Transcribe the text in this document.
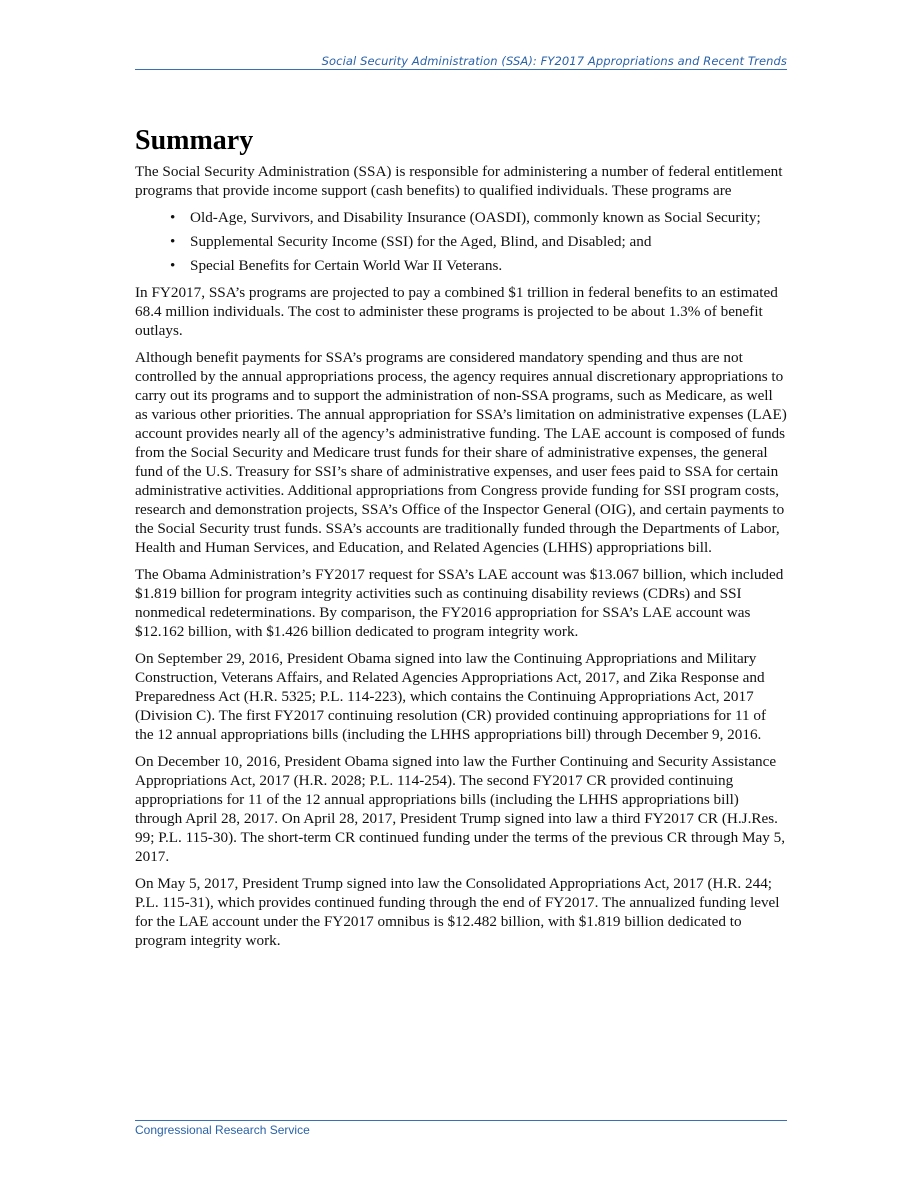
Social Security Administration (SSA): FY2017 Appropriations and Recent Trends
Summary

The Social Security Administration (SSA) is responsible for administering a number of federal entitlement programs that provide income support (cash benefits) to qualified individuals. These programs are

• Old-Age, Survivors, and Disability Insurance (OASDI), commonly known as Social Security;
• Supplemental Security Income (SSI) for the Aged, Blind, and Disabled; and
• Special Benefits for Certain World War II Veterans.

In FY2017, SSA’s programs are projected to pay a combined $1 trillion in federal benefits to an estimated 68.4 million individuals. The cost to administer these programs is projected to be about 1.3% of benefit outlays.

Although benefit payments for SSA’s programs are considered mandatory spending and thus are not controlled by the annual appropriations process, the agency requires annual discretionary appropriations to carry out its programs and to support the administration of non-SSA programs, such as Medicare, as well as various other priorities. The annual appropriation for SSA’s limitation on administrative expenses (LAE) account provides nearly all of the agency’s administrative funding. The LAE account is composed of funds from the Social Security and Medicare trust funds for their share of administrative expenses, the general fund of the U.S. Treasury for SSI’s share of administrative expenses, and user fees paid to SSA for certain administrative activities. Additional appropriations from Congress provide funding for SSI program costs, research and demonstration projects, SSA’s Office of the Inspector General (OIG), and certain payments to the Social Security trust funds. SSA’s accounts are traditionally funded through the Departments of Labor, Health and Human Services, and Education, and Related Agencies (LHHS) appropriations bill.

The Obama Administration’s FY2017 request for SSA’s LAE account was $13.067 billion, which included $1.819 billion for program integrity activities such as continuing disability reviews (CDRs) and SSI nonmedical redeterminations. By comparison, the FY2016 appropriation for SSA’s LAE account was $12.162 billion, with $1.426 billion dedicated to program integrity work.

On September 29, 2016, President Obama signed into law the Continuing Appropriations and Military Construction, Veterans Affairs, and Related Agencies Appropriations Act, 2017, and Zika Response and Preparedness Act (H.R. 5325; P.L. 114-223), which contains the Continuing Appropriations Act, 2017 (Division C). The first FY2017 continuing resolution (CR) provided continuing appropriations for 11 of the 12 annual appropriations bills (including the LHHS appropriations bill) through December 9, 2016.

On December 10, 2016, President Obama signed into law the Further Continuing and Security Assistance Appropriations Act, 2017 (H.R. 2028; P.L. 114-254). The second FY2017 CR provided continuing appropriations for 11 of the 12 annual appropriations bills (including the LHHS appropriations bill) through April 28, 2017. On April 28, 2017, President Trump signed into law a third FY2017 CR (H.J.Res. 99; P.L. 115-30). The short-term CR continued funding under the terms of the previous CR through May 5, 2017.

On May 5, 2017, President Trump signed into law the Consolidated Appropriations Act, 2017 (H.R. 244; P.L. 115-31), which provides continued funding through the end of FY2017. The annualized funding level for the LAE account under the FY2017 omnibus is $12.482 billion, with $1.819 billion dedicated to program integrity work.

Congressional Research Service
